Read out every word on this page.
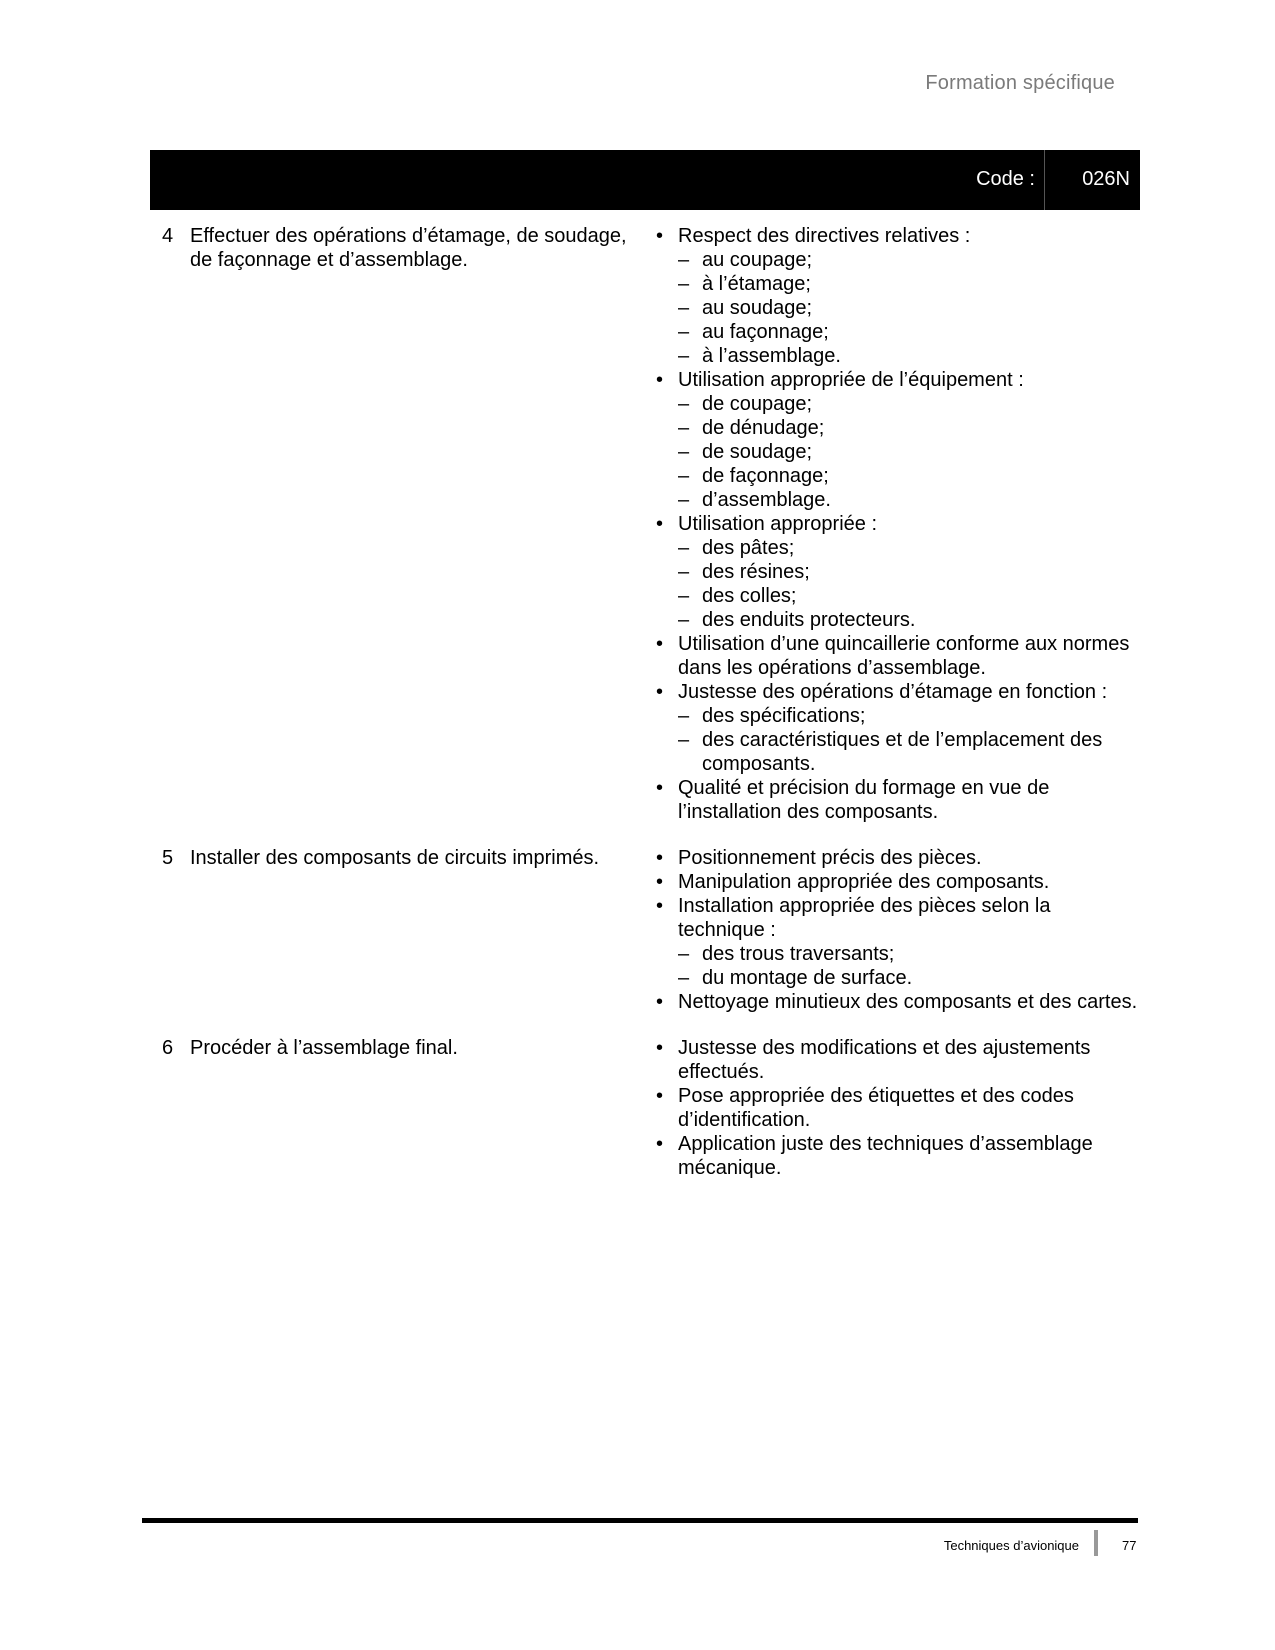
Formation spécifique
Code : 026N
4 Effectuer des opérations d’étamage, de soudage, de façonnage et d’assemblage.
• Respect des directives relatives :
– au coupage;
– à l’étamage;
– au soudage;
– au façonnage;
– à l’assemblage.
• Utilisation appropriée de l’équipement :
– de coupage;
– de dénudage;
– de soudage;
– de façonnage;
– d’assemblage.
• Utilisation appropriée :
– des pâtes;
– des résines;
– des colles;
– des enduits protecteurs.
• Utilisation d’une quincaillerie conforme aux normes dans les opérations d’assemblage.
• Justesse des opérations d’étamage en fonction :
– des spécifications;
– des caractéristiques et de l’emplacement des composants.
• Qualité et précision du formage en vue de l’installation des composants.
5 Installer des composants de circuits imprimés.	• Positionnement précis des pièces.
• Manipulation appropriée des composants.
• Installation appropriée des pièces selon la technique :
– des trous traversants;
– du montage de surface.
• Nettoyage minutieux des composants et des cartes.
6 Procéder à l’assemblage final.	• Justesse des modifications et des ajustements effectués.
• Pose appropriée des étiquettes et des codes d’identification.
• Application juste des techniques d’assemblage mécanique.
Techniques d’avionique	77
